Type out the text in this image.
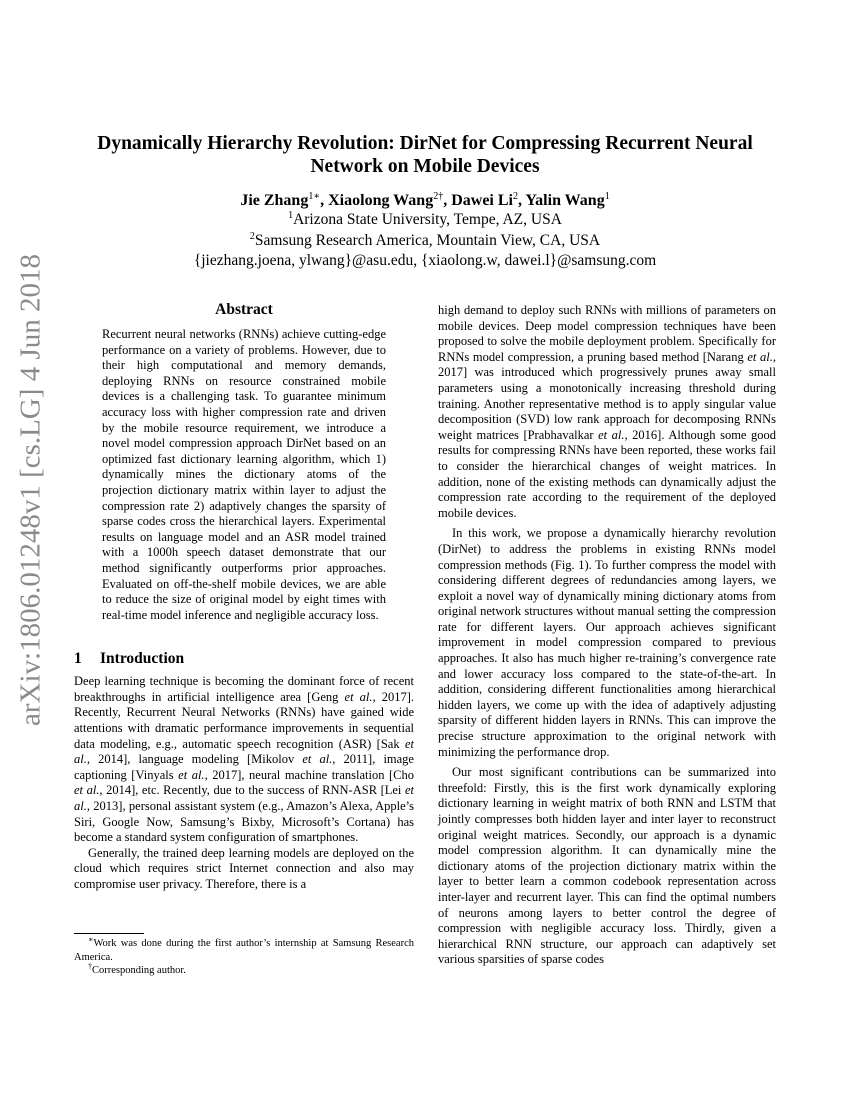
arXiv:1806.01248v1 [cs.LG] 4 Jun 2018
Dynamically Hierarchy Revolution: DirNet for Compressing Recurrent Neural
Network on Mobile Devices
Jie Zhang$^{1∗}$, Xiaolong Wang$^{2\dagger}$, Dawei Li$^2$, Yalin Wang$^1$
$^1$Arizona State University, Tempe, AZ, USA
$^2$Samsung Research America, Mountain View, CA, USA
{jiezhang.joena, ylwang}@asu.edu, {xiaolong.w, dawei.l}@samsung.com
Abstract
Recurrent neural networks (RNNs) achieve cutting-edge performance on a variety of problems. However, due to their high computational and memory demands, deploying RNNs on resource constrained mobile devices is a challenging task. To guarantee minimum accuracy loss with higher compression rate and driven by the mobile resource requirement, we introduce a novel model compression approach DirNet based on an optimized fast dictionary learning algorithm, which 1) dynamically mines the dictionary atoms of the projection dictionary matrix within layer to adjust the compression rate 2) adaptively changes the sparsity of sparse codes cross the hierarchical layers. Experimental results on language model and an ASR model trained with a 1000h speech dataset demonstrate that our method significantly outperforms prior approaches. Evaluated on off-the-shelf mobile devices, we are able to reduce the size of original model by eight times with real-time model inference and negligible accuracy loss.
1 Introduction

Deep learning technique is becoming the dominant force of recent breakthroughs in artificial intelligence area [Geng et al., 2017]. Recently, Recurrent Neural Networks (RNNs) have gained wide attentions with dramatic performance improvements in sequential data modeling, e.g., automatic speech recognition (ASR) [Sak et al., 2014], language modeling [Mikolov et al., 2011], image captioning [Vinyals et al., 2017], neural machine translation [Cho et al., 2014], etc. Recently, due to the success of RNN-ASR [Lei et al., 2013], personal assistant system (e.g., Amazon’s Alexa, Apple’s Siri, Google Now, Samsung’s Bixby, Microsoft’s Cortana) has become a standard system configuration of smartphones.

Generally, the trained deep learning models are deployed on the cloud which requires strict Internet connection and also may compromise user privacy. Therefore, there is a

high demand to deploy such RNNs with millions of parameters on mobile devices. Deep model compression techniques have been proposed to solve the mobile deployment problem. Specifically for RNNs model compression, a pruning based method [Narang et al., 2017] was introduced which progressively prunes away small parameters using a monotonically increasing threshold during training. Another representative method is to apply singular value decomposition (SVD) low rank approach for decomposing RNNs weight matrices [Prabhavalkar et al., 2016]. Although some good results for compressing RNNs have been reported, these works fail to consider the hierarchical changes of weight matrices. In addition, none of the existing methods can dynamically adjust the compression rate according to the requirement of the deployed mobile devices.

In this work, we propose a dynamically hierarchy revolution (DirNet) to address the problems in existing RNNs model compression methods (Fig. 1). To further compress the model with considering different degrees of redundancies among layers, we exploit a novel way of dynamically mining dictionary atoms from original network structures without manual setting the compression rate for different layers. Our approach achieves significant improvement in model compression compared to previous approaches. It also has much higher re-training’s convergence rate and lower accuracy loss compared to the state-of-the-art. In addition, considering different functionalities among hierarchical hidden layers, we come up with the idea of adaptively adjusting sparsity of different hidden layers in RNNs. This can improve the precise structure approximation to the original network with minimizing the performance drop.

Our most significant contributions can be summarized into threefold: Firstly, this is the first work dynamically exploring dictionary learning in weight matrix of both RNN and LSTM that jointly compresses both hidden layer and inter layer to reconstruct original weight matrices. Secondly, our approach is a dynamic model compression algorithm. It can dynamically mine the dictionary atoms of the projection dictionary matrix within the layer to better learn a common codebook representation across inter-layer and recurrent layer. This can find the optimal numbers of neurons among layers to better control the degree of compression with negligible accuracy loss. Thirdly, given a hierarchical RNN structure, our approach can adaptively set various sparsities of sparse codes

∗Work was done during the first author’s internship at Samsung Research America.

†Corresponding author.
